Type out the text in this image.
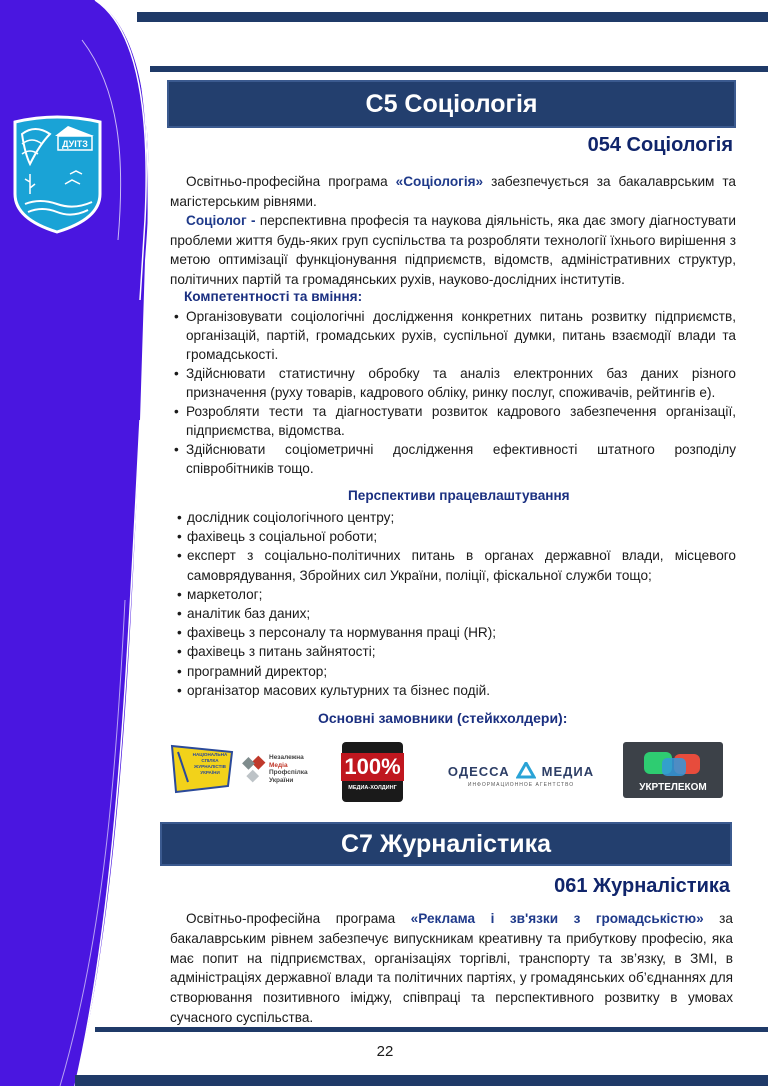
ДУІТЗ
C5 Соціологія
054 Соціологія
Освітньо-професійна програма «Соціологія» забезпечується за бакалаврським та магістерським рівнями.
Соціолог - перспективна професія та наукова діяльність, яка дає змогу діагностувати проблеми життя будь-яких груп суспільства та розробляти технології їхнього вирішення з метою оптимізації функціонування підприємств, відомств, адміністративних структур, політичних партій та громадянських рухів, науково-дослідних інститутів.
Компетентності та вміння:
• Організовувати соціологічні дослідження конкретних питань розвитку підприємств, організацій, партій, громадських рухів, суспільної думки, питань взаємодії влади та громадськості.
• Здійснювати статистичну обробку та аналіз електронних баз даних різного призначення (руху товарів, кадрового обліку, ринку послуг, споживачів, рейтингів е).
• Розробляти тести та діагностувати розвиток кадрового забезпечення організації, підприємства, відомства.
• Здійснювати соціометричні дослідження ефективності штатного розподілу співробітників тощо.
Перспективи працевлаштування
• дослідник соціологічного центру;
• фахівець з соціальної роботи;
• експерт з соціально-політичних питань в органах державної влади, місцевого самоврядування, Збройних сил України, поліції, фіскальної служби тощо;
• маркетолог;
• аналітик баз даних;
• фахівець з персоналу та нормування праці (HR);
• фахівець з питань зайнятості;
• програмний директор;
• організатор масових культурних та бізнес подій.
Основні замовники (стейкхолдери):
НАЦІОНАЛЬНА СПІЛКА ЖУРНАЛІСТІВ УКРАЇНИ
Незалежна
Медіа
Профспілка
України
100%
МЕДИА-ХОЛДИНГ
ОДЕССА МЕДИА
ИНФОРМАЦИОННОЕ АГЕНТСТВО	УКРТЕЛЕКОМ
C7 Журналістика
061 Журналістика
Освітньо-професійна програма «Реклама і зв'язки з громадськістю» за бакалаврським рівнем забезпечує випускникам креативну та прибуткову професію, яка має попит на підприємствах, організаціях торгівлі, транспорту та зв’язку, в ЗМІ, в адміністраціях державної влади та політичних партіях, у громадянських об’єднаннях для створювання позитивного іміджу, співпраці та перспективного розвитку в умовах сучасного суспільства.
22
